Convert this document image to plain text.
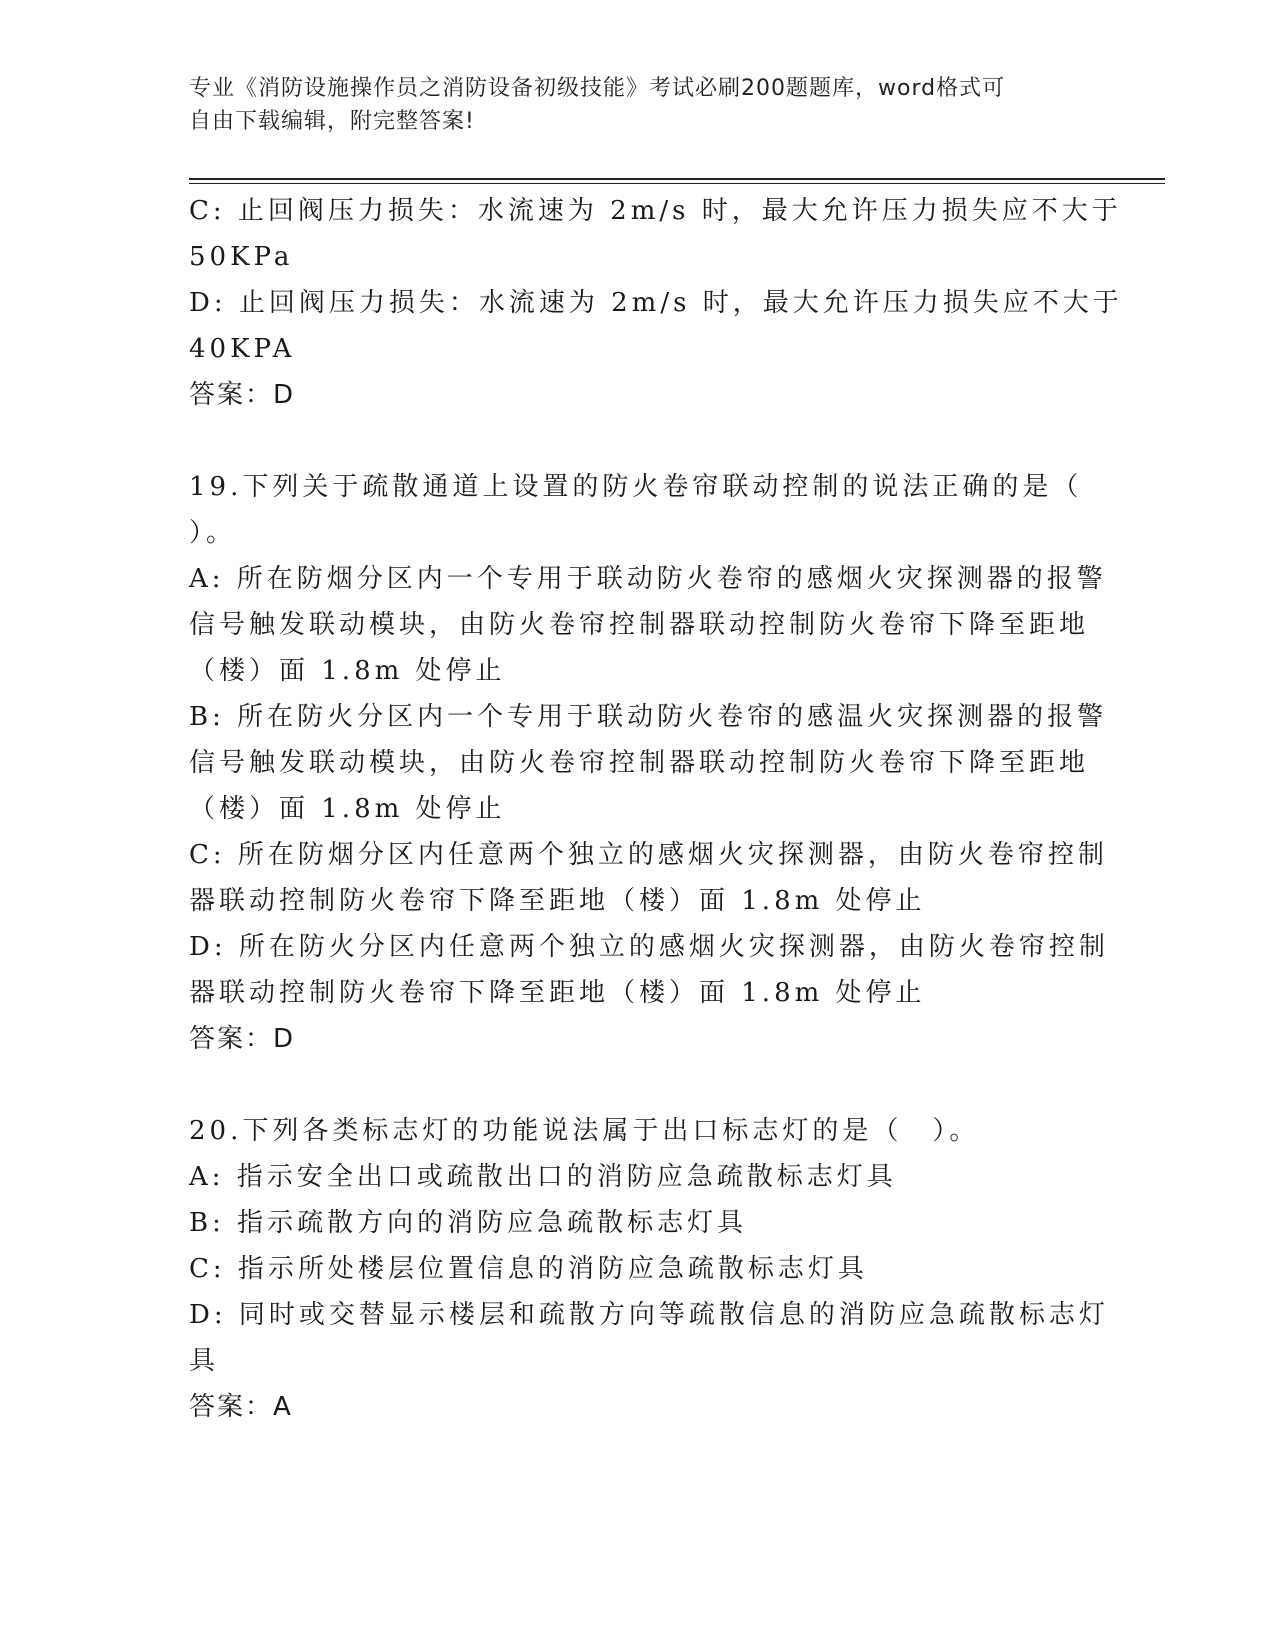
专业《消防设施操作员之消防设备初级技能》考试必刷200题题库，word格式可
自由下载编辑，附完整答案!
C: 止回阀压力损失：水流速为 2m/s 时，最大允许压力损失应不大于
50KPa
D: 止回阀压力损失：水流速为 2m/s 时，最大允许压力损失应不大于
40KPA
答案：D
19.下列关于疏散通道上设置的防火卷帘联动控制的说法正确的是（
）。
A: 所在防烟分区内一个专用于联动防火卷帘的感烟火灾探测器的报警
信号触发联动模块，由防火卷帘控制器联动控制防火卷帘下降至距地
（楼）面 1.8m 处停止
B: 所在防火分区内一个专用于联动防火卷帘的感温火灾探测器的报警
信号触发联动模块，由防火卷帘控制器联动控制防火卷帘下降至距地
（楼）面 1.8m 处停止
C: 所在防烟分区内任意两个独立的感烟火灾探测器，由防火卷帘控制
器联动控制防火卷帘下降至距地（楼）面 1.8m 处停止
D: 所在防火分区内任意两个独立的感烟火灾探测器，由防火卷帘控制
器联动控制防火卷帘下降至距地（楼）面 1.8m 处停止
答案：D
20.下列各类标志灯的功能说法属于出口标志灯的是（　）。
A: 指示安全出口或疏散出口的消防应急疏散标志灯具
B: 指示疏散方向的消防应急疏散标志灯具
C: 指示所处楼层位置信息的消防应急疏散标志灯具
D: 同时或交替显示楼层和疏散方向等疏散信息的消防应急疏散标志灯
具
答案：A
